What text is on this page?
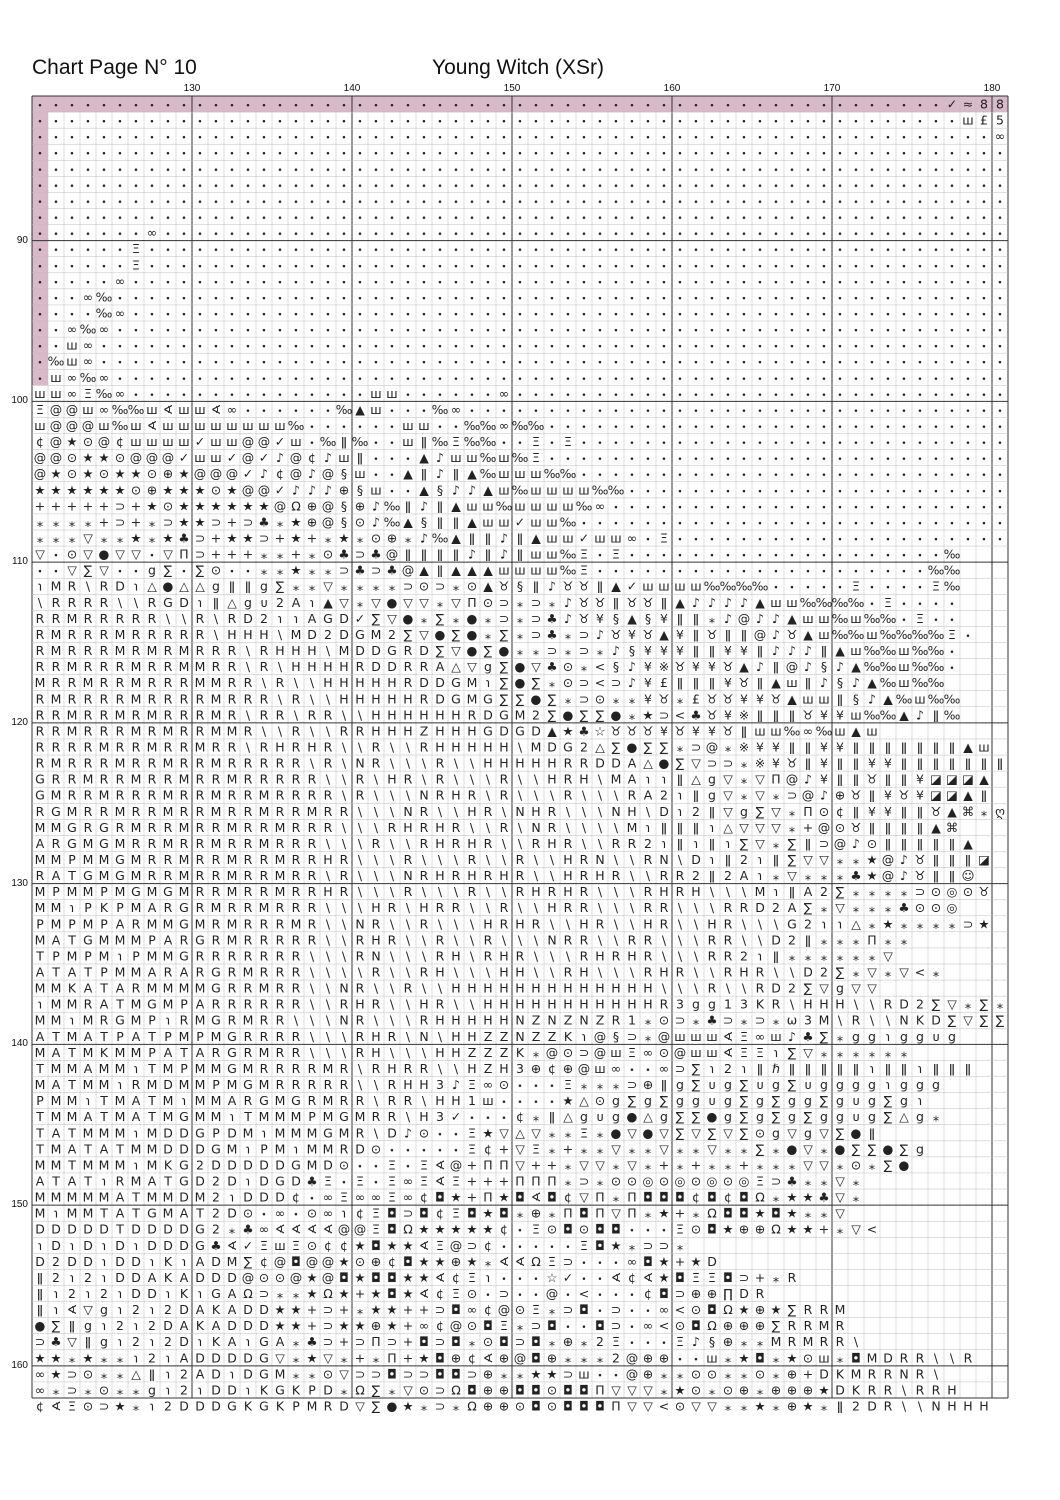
Chart Page N° 10	Young Witch (XSr)
130	140	150	160	170	180
90
100
110
120
130
140
150
160
• • • • • • • • • • • • • • • • • • • • • • • • • • • • • • • • • • • • • • • • • • • • • • • • • • • • • • • • • ✓ ≈ 8 8
• • • • • • • • • • • • • • • • • • • • • • • • • • • • • • • • • • • • • • • • • • • • • • • • • • • • • • • • • • ш £ 5
• • • • • • • • • • • • • • • • • • • • • • • • • • • • • • • • • • • • • • • • • • • • • • • • • • • • • • • • • • • • ∞
• • • • • • • • • • • • • • • • • • • • • • • • • • • • • • • • • • • • • • • • • • • • • • • • • • • • • • • • • • • • •
• • • • • • • • • • • • • • • • • • • • • • • • • • • • • • • • • • • • • • • • • • • • • • • • • • • • • • • • • • • • •
• • • • • • • • • • • • • • • • • • • • • • • • • • • • • • • • • • • • • • • • • • • • • • • • • • • • • • • • • • • • •
• • • • • • • • • • • • • • • • • • • • • • • • • • • • • • • • • • • • • • • • • • • • • • • • • • • • • • • • • • • • •
• • • • • • • • • • • • • • • • • • • • • • • • • • • • • • • • • • • • • • • • • • • • • • • • • • • • • • • • • • • • •
• • • • • • • ∞ • • • • • • • • • • • • • • • • • • • • • • • • • • • • • • • • • • • • • • • • • • • • • • • • • • • • •
• • • • • • Ξ • • • • • • • • • • • • • • • • • • • • • • • • • • • • • • • • • • • • • • • • • • • • • • • • • • • • • •
• • • • • • Ξ • • • • • • • • • • • • • • • • • • • • • • • • • • • • • • • • • • • • • • • • • • • • • • • • • • • • • •
• • • • • ∞ • • • • • • • • • • • • • • • • • • • • • • • • • • • • • • • • • • • • • • • • • • • • • • • • • • • • • • •
• • • ∞ ‰ • • • • • • • • • • • • • • • • • • • • • • • • • • • • • • • • • • • • • • • • • • • • • • • • • • • • • • • •
• • • • ‰ ∞ • • • • • • • • • • • • • • • • • • • • • • • • • • • • • • • • • • • • • • • • • • • • • • • • • • • • • • •
• • ∞ ‰ ∞ • • • • • • • • • • • • • • • • • • • • • • • • • • • • • • • • • • • • • • • • • • • • • • • • • • • • • • • •
• • ш ∞ • • • • • • • • • • • • • • • • • • • • • • • • • • • • • • • • • • • • • • • • • • • • • • • • • • • • • • • • •
• ‰ ш ∞ • • • • • • • • • • • • • • • • • • • • • • • • • • • • • • • • • • • • • • • • • • • • • • • • • • • • • • • • •
• ш ∞ ‰ ∞ • • • • • • • • • • • • • • • • • • • • • • • • • • • • • • • • • • • • • • • • • • • • • • • • • • • • • • • •
ш ш ∞ Ξ ‰ ∞ • • • • • • • • • • • • • • • ш ш • • • • • • ∞ • • • • • • • • • • • • • • • • • • • • • • • • • • • • • • •
Ξ @ @ ш ∞ ‰ ‰ ш ∢ ш ш ∢ ∞ • • • • • • ‰ ▲ ш • • • ‰ ∞ • • • • • • • • • • • • • • • • • • • • • • • • • • • • • • • • • •
ш @ @ @ ш ‰ ш ∢ ш ш ш ш ш ш ш ш ‰ • • • • • • ш ш • • ‰ ‰ ∞ ‰ ‰ • • • • • • • • • • • • • • • • • • • • • • • • • • • • •
¢ @ ★ ⊙ @ ¢ ш ш ш ш ✓ ш ш @ @ ✓ ш • ‰ ǁ ‰ • • ш ǁ ‰ Ξ ‰ ‰ • • Ξ • Ξ • • • • • • • • • • • • • • • • • • • • • • • • • • •
@ @ ⊙ ★ ★ ⊙ @ @ @ ✓ ш ш ✓ @ ✓ ♪ @ ¢ ♪ ш ǁ • • • ▲ ♪ ш ш ‰ ш ‰ Ξ • • • • • • • • • • • • • • • • • • • • • • • • • • • • •
@ ★ ⊙ ★ ⊙ ★ ★ ⊙ ⊕ ★ @ @ @ ✓ ♪ ¢ @ ♪ @ § ш • • ▲ ǁ ♪ ǁ ▲ ‰ ш ш ш ‰ ‰ • • • • • • • • • • • • • • • • • • • • • • • • • • •
★ ★ ★ ★ ★ ★ ⊙ ⊕ ★ ★ ★ ⊙ ★ @ @ ✓ ♪ ♪ ♪ ⊕ § ш • • ▲ § ♪ ♪ ▲ ш ‰ ш ш ш ш ‰ ‰ • • • • • • • • • • • • • • • • • • • • • • • •
+ + + + + ⊃ + ★ ⊙ ★ ★ ★ ★ ★ ★ @ Ω ⊕ @ § ⊕ ♪ ‰ ǁ ♪ ǁ ▲ ш ш ‰ ш ш ш ш ‰ ∞ • • • • • • • • • • • • • • • • • • • • • • • • •
⁎ ⁎ ⁎ ⁎ + ⊃ + ⁎ ⊃ ★ ★ ⊃ + ⊃ ♣ ⁎ ★ ⊕ @ § ⊙ ♪ ‰ ▲ § ǁ ǁ ▲ ш ш ✓ ш ш ‰ • • • • • • • • • • • • • • • • • • • • • • • • • • •
⁎ ⁎ ⁎ ▽ ⁎ ⁎ ★ ⁎ ★ ♣ ⊃ + ★ ★ ⊃ + ★ + ⁎ ★ ⁎ ⊙ ⊕ ⁎ ♪ ‰ ▲ ǁ ǁ ♪ ǁ ▲ ш ш ✓ ш ш ∞ • Ξ • • • • • • • • • • • • • • • • • • • • •
▽ • ⊙ ▽ ● ▽ ▽ • ▽ Π ⊃ + + + ⁎ ⁎ + ⁎ ⊙ ♣ ⊃ ♣ @ ǁ ǁ ǁ ǁ ♪ ǁ ♪ ǁ ш ш ‰ Ξ • Ξ • • • • • • • • • • • • • • • • • • • • ‰
• • ▽ ∑ ▽ • • g ∑ • ∑ ⊙ • • ⁎ ⁎ ★ ⁎ ⁎ ⊃ ♣ ⊃ ♣ @ ▲ ǁ ▲ ▲ ▲ ш ш ш ш ‰ Ξ • • • • • • • • • • • • • • • • • • • • • ‰ ‰
℩ M R \ R D ℩ △ ● △ △ g ǁ ǁ g ∑ ⁎ ⁎ ▽ ⁎ ⁎ ⁎ ⁎ ⊃ ⊙ ⊃ ⁎ ⊙ ▲ ♉ § ǁ ♪ ♉ ♉ ǁ ▲ ✓ ш ш ш ш ‰ ‰ ‰ ‰ • • • • • Ξ • • • • Ξ ‰
\ R R R R \ \ R G D ℩ ǁ △ g ᴜ 2 A ℩ ▲ ▽ ⁎ ▽ ● ▽ ▽ ⁎ ▽ Π ⊙ ⊃ ⁎ ⊃ ⁎ ♪ ♉ ♉ ǁ ♉ ♉ ǁ ▲ ♪ ♪ ♪ ♪ ▲ ш ш ‰ ‰ ‰ ‰ • Ξ • • • •
R R M R R R R R \ \ R \ R D 2 ℩ ℩ A G D ✓ ∑ ▽ ● ⁎ ∑ ⁎ ● ⁎ ⊃ ⁎ ⊃ ♣ ♪ ♉ ¥ § ▲ § ¥ ǁ ǁ ⁎ ♪ @ ♪ ♪ ▲ ш ш ‰ ш ‰ ‰ • Ξ • •
R M R R R M R R R R R \ H H H \ M D 2 D G M 2 ∑ ▽ ● ∑ ● ⁎ ∑ ⁎ ⊃ ♣ ⁎ ⊃ ♪ ♉ ¥ ♉ ▲ ¥ ǁ ♉ ǁ ǁ @ ♪ ♉ ▲ ш ‰ ‰ ш ‰ ‰ ‰ ‰ Ξ •
R M R R R M R M R M R R R \ R H H H \ M D D G R D ∑ ▽ ● ∑ ● ⁎ ⁎ ⊃ ⁎ ⊃ ⁎ ♪ § ¥ ¥ ¥ ǁ ǁ ¥ ¥ ǁ ♪ ♪ ♪ ǁ ▲ ш ‰ ‰ ш ‰ ‰ •
R R M R R R M R R M M R R \ R \ H H H H R D D R R A △ ▽ g ∑ ● ▽ ♣ ⊙ ⁎ < § ♪ ¥ ※ ♉ ¥ ¥ ♉ ▲ ♪ ǁ @ ♪ § ♪ ▲ ‰ ‰ ш ‰ ‰ •
M R R M R R M R R R M M R R \ R \ \ H H H H H R D D G M ℩ ∑ ● ∑ ⁎ ⊙ ⊃ < ⊃ ♪ ¥ £ ǁ ǁ ǁ ¥ ♉ ǁ ▲ ш ǁ ♪ § ♪ ▲ ‰ ш ‰ ‰
R M R R R R M R R R R M R R R \ R \ \ H H H H H R D G M G ∑ ∑ ● ∑ ⁎ ⊃ ⊙ ⁎ ⁎ ¥ ♉ ⁎ £ ♉ ♉ ¥ ¥ ♉ ▲ ш ш ǁ § ♪ ▲ ‰ ш ‰ ‰
R R M R R M R M R R R M R \ R R \ R R \ \ H H H H H H R D G M 2 ∑ ● ∑ ∑ ● ⁎ ★ ⊃ < ♣ ♉ ¥ ※ ǁ ǁ ǁ ♉ ¥ ¥ ш ‰ ‰ ▲ ♪ ǁ ‰
R R M R R R M R M R R M M R \ \ R \ \ R R H H H Z H H H G D G D ▲ ★ ♣ ☆ ♉ ♉ ♉ ¥ ♉ ¥ ¥ ♉ ǁ ш ш ‰ ∞ ‰ ш ▲ ш
R R R R M R R M R R M R R \ R H R H R \ \ R \ \ R H H H H H \ M D G 2 △ ∑ ● ∑ ∑ ⁎ ⊃ @ ⁎ ※ ¥ ¥ ǁ ǁ ¥ ¥ ǁ ǁ ǁ ǁ ǁ ǁ ǁ ▲ ш
R M R R R M R R M R R M R R R R R \ R \ N R \ \ \ R \ \ H H H H H R R D D A △ ● ∑ ▽ ⊃ ⊃ ⁎ ※ ¥ ♉ ǁ ¥ ǁ ǁ ¥ ¥ ǁ ǁ ǁ ǁ ǁ ǁ ǁ
G R R M R R M R R M R R M R R R R R \ \ R \ H R \ R \ \ \ R \ \ H R H \ M A ℩ ℩ ǁ △ g ▽ ⁎ ▽ Π @ ♪ ¥ ǁ ǁ ♉ ǁ ǁ ¥ ◪ ◪ ◪ ▲
G M R R M R R R M R R M R R M R R R R \ R \ \ \ N R H R \ R \ \ \ R \ \ \ R A 2 ℩ ǁ g ▽ ⁎ ▽ ⁎ ⊃ @ ♪ ⊕ ♉ ǁ ¥ ♉ ¥ ◪ ◪ ▲ ǁ
R G M R R M R R M R R M R R M R R M R R \ \ \ N R \ \ H R \ N H R \ \ \ N H \ D ℩ 2 ǁ ▽ g ∑ ▽ ⁎ Π ⊙ ¢ ǁ ¥ ¥ ǁ ǁ ♉ ▲ ⌘ ⁎ ღ
M M G R G R M R R M R R M R R M R R R \ \ \ R H R H R \ \ R \ N R \ \ \ \ M ℩ ǁ ǁ ǁ ℩ △ ▽ ▽ ▽ ⁎ + @ ⊙ ♉ ǁ ǁ ǁ ǁ ▲ ⌘
A R G M G M R R M R R M R R M R R R \ \ \ R \ \ R H R H R \ \ R H R \ \ R R 2 ℩ ǁ ℩ ǁ ℩ ∑ ▽ ⁎ ∑ ǁ ⊃ @ ♪ ⊙ ǁ ǁ ǁ ǁ ǁ ▲
M M P M M G M R R M R R M R R M R R H R \ \ \ R \ \ \ R \ \ R \ \ H R N \ \ R N \ D ℩ ǁ 2 ℩ ǁ ∑ ▽ ▽ ⁎ ⁎ ★ @ ♪ ♉ ǁ ǁ ǁ ◪
R A T G M G M R R M R R M R R M R R \ R \ \ \ N R H R H R H R \ \ H R H R \ \ R R 2 ǁ 2 A ℩ ⁎ ▽ ⁎ ⁎ ⁎ ♣ ★ @ ♪ ♉ ǁ ǁ ☺
M P M M P M G M G M R R M R R M R R H R \ \ \ R \ \ \ R \ \ R H R H R \ \ \ R H R H \ \ \ M ℩ ǁ A 2 ∑ ⁎ ⁎ ⁎ ⁎ ⊃ ⊙ ◎ ⊙ ♉
M M ℩ P K P M A R G R M R R M R R R \ \ \ H R \ H R R \ \ R \ \ H R R \ \ \ R R \ \ \ R R D 2 A ∑ ⁎ ▽ ⁎ ⁎ ⁎ ♣ ⊙ ⊙ ◎
P M P M P A R M M G M R M R R R M R \ \ N R \ \ R \ \ \ H R H R \ \ H R \ \ H R \ \ H R \ \ \ G 2 ℩ ℩ △ ⁎ ★ ⁎ ⁎ ⁎ ⁎ ⊃ ★
M A T G M M M P A R G R M R R R R R \ \ R H R \ \ R \ \ R \ \ \ N R R \ \ R R \ \ \ R R \ \ D 2 ǁ ⁎ ⁎ ⁎ Π ⁎ ⁎
T P M P M ℩ P M M G R R R R R R R \ \ \ R N \ \ \ R H \ R H R \ \ \ R H R H R \ \ \ R R 2 ℩ ǁ ⁎ ⁎ ⁎ ⁎ ⁎ ⁎ ▽
A T A T P M M A R A R G R M R R R \ \ \ \ R \ \ R H \ \ \ H H \ \ R H \ \ \ R H R \ \ R H R \ \ D 2 ∑ ⁎ ▽ ⁎ ▽ < ⁎
M M K A T A R M M M M G R R M R R \ \ N R \ \ R \ \ H H H H H H H H H H H H H \ \ \ R \ \ R D 2 ∑ ▽ g ▽ ▽
℩ M M R A T M G M P A R R R R R R \ \ R H R \ \ H R \ \ H H H H H H H H H H H R 3 g g 1 3 K R \ H H H \ \ R D 2 ∑ ▽ ⁎ ∑ ⁎
M M ℩ M R G M P ℩ R M G R M R R \ \ \ N R \ \ \ R H H H H H N Z N Z N Z R 1 ⁎ ⊙ ⊃ ⁎ ♣ ⊃ ⁎ ⊃ ⁎ ω 3 M \ R \ \ N K D ∑ ▽ ∑ ∑
A T M A T P A T P M P M G R R R R \ \ \ R H R \ N \ H H Z Z N Z Z K ℩ @ § ⊃ ⁎ @ ш ш ш ∢ Ξ ∞ ш ♪ ♣ ∑ ⁎ g g ℩ g g ᴜ g
M A T M K M M P A T A R G R M R R \ \ \ R H \ \ \ H H Z Z Z K ⁎ @ ⊙ ⊃ @ ш Ξ ∞ ⊙ @ ш ш ∢ Ξ Ξ ℩ ∑ ▽ ⁎ ⁎ ⁎ ⁎ ⁎ ⁎
T M M A M M ℩ T M P M M G M R R R R M R \ R H R R \ \ H Z H 3 ⊕ ¢ ⊕ @ ш ∞ • • ∞ ⊃ ∑ ℩ 2 ℩ ǁ ℏ ǁ ǁ ǁ ǁ ǁ ℩ ǁ ǁ ℩ ǁ ǁ ǁ
M A T M M ℩ R M D M M P M G M R R R R R \ \ R H H 3 ♪ Ξ ∞ ⊙ • • • Ξ ⁎ ⁎ ⁎ ⊃ ⊕ ǁ g ∑ ᴜ g ∑ ᴜ g ∑ ᴜ g g g g ℩ g g g
P M M ℩ T M A T M ℩ M M A R G M G R M R R \ R R \ H H 1 ш • • • • ★ △ ⊙ g ∑ g ∑ g g ᴜ g ∑ g ∑ g g ∑ g ᴜ g ∑ g ℩
T M M A T M A T M G M M ℩ T M M M P M G M R R \ H 3 ✓ • • • ¢ ⁎ ǁ △ g ᴜ g ● △ g ∑ ∑ ● g ∑ g ∑ g ∑ g g ᴜ g ∑ △ g ⁎
T A T M M M ℩ M D D G P D M ℩ M M M G M R \ D ♪ ⊙ • • Ξ ★ ▽ △ ▽ ⁎ ⁎ Ξ ⁎ ● ▽ ● ▽ ∑ ▽ ∑ ▽ ∑ ⊙ g ▽ g ▽ ∑ ● ǁ
T M A T A T M M D D D G M ℩ P M ℩ M M R D ⊙ • • • • • Ξ ¢ + ▽ Ξ ⁎ + ⁎ ⁎ ▽ ⁎ ⁎ ▽ ⁎ ⁎ ▽ ⁎ ⁎ ∑ ⁎ ● ▽ ⁎ ● ∑ ∑ ● ∑ g
M M T M M M ℩ M K G 2 D D D D D G M D ⊙ • • Ξ • Ξ ∢ @ + Π Π ▽ + + ⁎ ▽ ▽ ⁎ ▽ ⁎ + ⁎ + ⁎ ⁎ + ⁎ ⁎ ⁎ ▽ ▽ ⁎ ⊙ ⁎ ∑ ●
A T A T ℩ R M A T G D 2 D ℩ D G D ♣ Ξ • Ξ • Ξ ∞ Ξ ∢ Ξ + + + Π Π Π ⁎ ⊃ ⁎ ⊙ ⊙ ◎ ⊙ ◎ ⊙ ◎ ⊙ ◎ Ξ ⊃ ♣ ⁎ ⁎ ▽ ⁎
M M M M M A T M M D M 2 ℩ D D D ¢ • ∞ Ξ ∞ ∞ Ξ ∞ ¢ ◘ ★ + Π ★ ◘ ∢ ◘ ¢ ▽ Π ⁎ Π ◘ ◘ ◘ ¢ ◘ ¢ ◘ Ω ⁎ ★ ★ ♣ ▽ ⁎
M ℩ M M T A T G M A T 2 D ⊙ • ∞ • ⊙ ∞ ℩ ¢ Ξ ◘ ⊃ ◘ ¢ Ξ ◘ ★ ◘ ⁎ ⊕ ⁎ Π ◘ Π ▽ Π ⁎ ★ + ⁎ Ω ◘ ◘ ★ ◘ ★ ⁎ ⁎ ▽
D D D D D T D D D D G 2 ⁎ ♣ ∞ ∢ ∢ ∢ ∢ @ @ Ξ ◘ Ω ★ ★ ★ ★ ★ ¢ • Ξ ⊙ ◘ ⊙ ◘ ◘ • • • Ξ ⊙ ◘ ★ ⊕ ⊕ Ω ★ ★ + ⁎ ▽ <
℩ D ℩ D ℩ D ℩ D D D G ♣ ∢ ✓ Ξ ш Ξ ⊙ ¢ ¢ ★ ◘ ★ ★ ∢ Ξ @ ⊃ ¢ • • • • • Ξ ◘ ★ ⁎ ⊃ ⊃ ⁎
D 2 D D ℩ D D ℩ K ℩ A D M ∑ ¢ @ ◘ @ @ ★ ⊙ ⊕ ¢ ◘ ★ ★ ⊕ ★ ⁎ ∢ ∢ Ω Ξ ⊃ • • • ∞ ◘ ★ + ★ D
ǁ 2 ℩ 2 ℩ D D A K A D D D @ ⊙ ⊙ @ ★ @ ◘ ★ ◘ ◘ ★ ★ ∢ ¢ Ξ ℩ • • • ☆ ✓ • • ∢ ¢ ∢ ★ ◘ Ξ Ξ ◘ ⊃ + ⁎ R
ǁ ℩ 2 ℩ 2 ℩ D D ℩ K ℩ G A Ω ⊃ ⁎ ⁎ ★ Ω ★ + ★ ◘ ★ ∢ ¢ Ξ ⊙ • ⊃ • • @ • < • • • ¢ ◘ ⊃ ⊕ ⊕ ∏ D R
ǁ ℩ ∢ ▽ g ℩ 2 ℩ 2 D A K A D D ★ ★ + ⊃ + ⁎ ★ ★ + + ⊃ ◘ ∞ ¢ @ ⊙ Ξ ⁎ ⊃ ◘ • ⊃ • • ∞ < ⊙ ◘ Ω ★ ⊕ ★ ∑ R R M
● ∑ ǁ g ℩ 2 ℩ 2 D A K A D D D ★ ★ + ⊃ ★ ★ ⊕ ★ + ∞ ¢ @ ⊙ ◘ Ξ ⁎ ⊃ ◘ • • ◘ ⊃ • ∞ < ⊙ ◘ Ω ⊕ ⊕ ⊕ ∑ R R M R
⊃ ♣ ▽ ǁ g ℩ 2 ℩ 2 D ℩ K A ℩ G A ⁎ ♣ ⊃ + ⊃ Π ⊃ + ◘ ⊃ ◘ ⁎ ⊙ ◘ ⊃ ◘ ⁎ ⊕ ⁎ 2 Ξ • • • Ξ ♪ § ⊕ ⁎ ⁎ M R M R R \
★ ★ ⁎ ★ ⁎ ⁎ ℩ 2 ℩ A D D D D G ▽ ⁎ ★ ▽ ⁎ + ⁎ Π + ★ ◘ ⊕ ¢ ∢ ⊕ @ ◘ ⊕ ⁎ ⁎ ⁎ 2 @ ⊕ ⊕ • • ш ⁎ ★ ◘ ⁎ ★ ⊙ ш ⁎ ◘ M D R R \ \ R
∞ ★ ⊃ ⊙ ⁎ ⁎ △ ǁ ℩ 2 A D ℩ D G M ⁎ ⁎ ⊙ ▽ ⊃ ⊃ ◘ ⊃ ⊃ ◘ ◘ ⊃ ⊕ ⁎ ⁎ ★ ★ ⊃ ш • • @ ⊕ ⁎ ⁎ ⊙ ⊙ ⁎ ⁎ ⊙ ⁎ ⊕ + D K M R R N R \
∞ ⁎ ⊃ ⁎ ⊙ ⁎ ⁎ g ℩ 2 ℩ D D ℩ K G K P D ⁎ Ω ∑ ⁎ ▽ ⊙ ⊃ Ω ◘ ⊕ ⊕ ◘ ◘ ⊙ ◘ ◘ Π ▽ ▽ ▽ ⁎ ★ ⊙ ⁎ ⊙ ⊕ ⁎ ⊕ ⊕ ⊕ ★ D K R R \ R R H
¢ ∢ Ξ ⊙ ⊃ ★ ⁎ ℩ 2 D D D G K G K P M R D ▽ ∑ ● ★ ⁎ ⊃ ⁎ Ω ⊕ ⊕ ⊙ ◘ ⊙ ◘ ◘ ◘ Π ▽ ▽ < ⊙ ▽ ▽ ⁎ ⁎ ★ ⁎ ⊕ ★ ⁎ ǁ 2 D R \ \ N H H H
